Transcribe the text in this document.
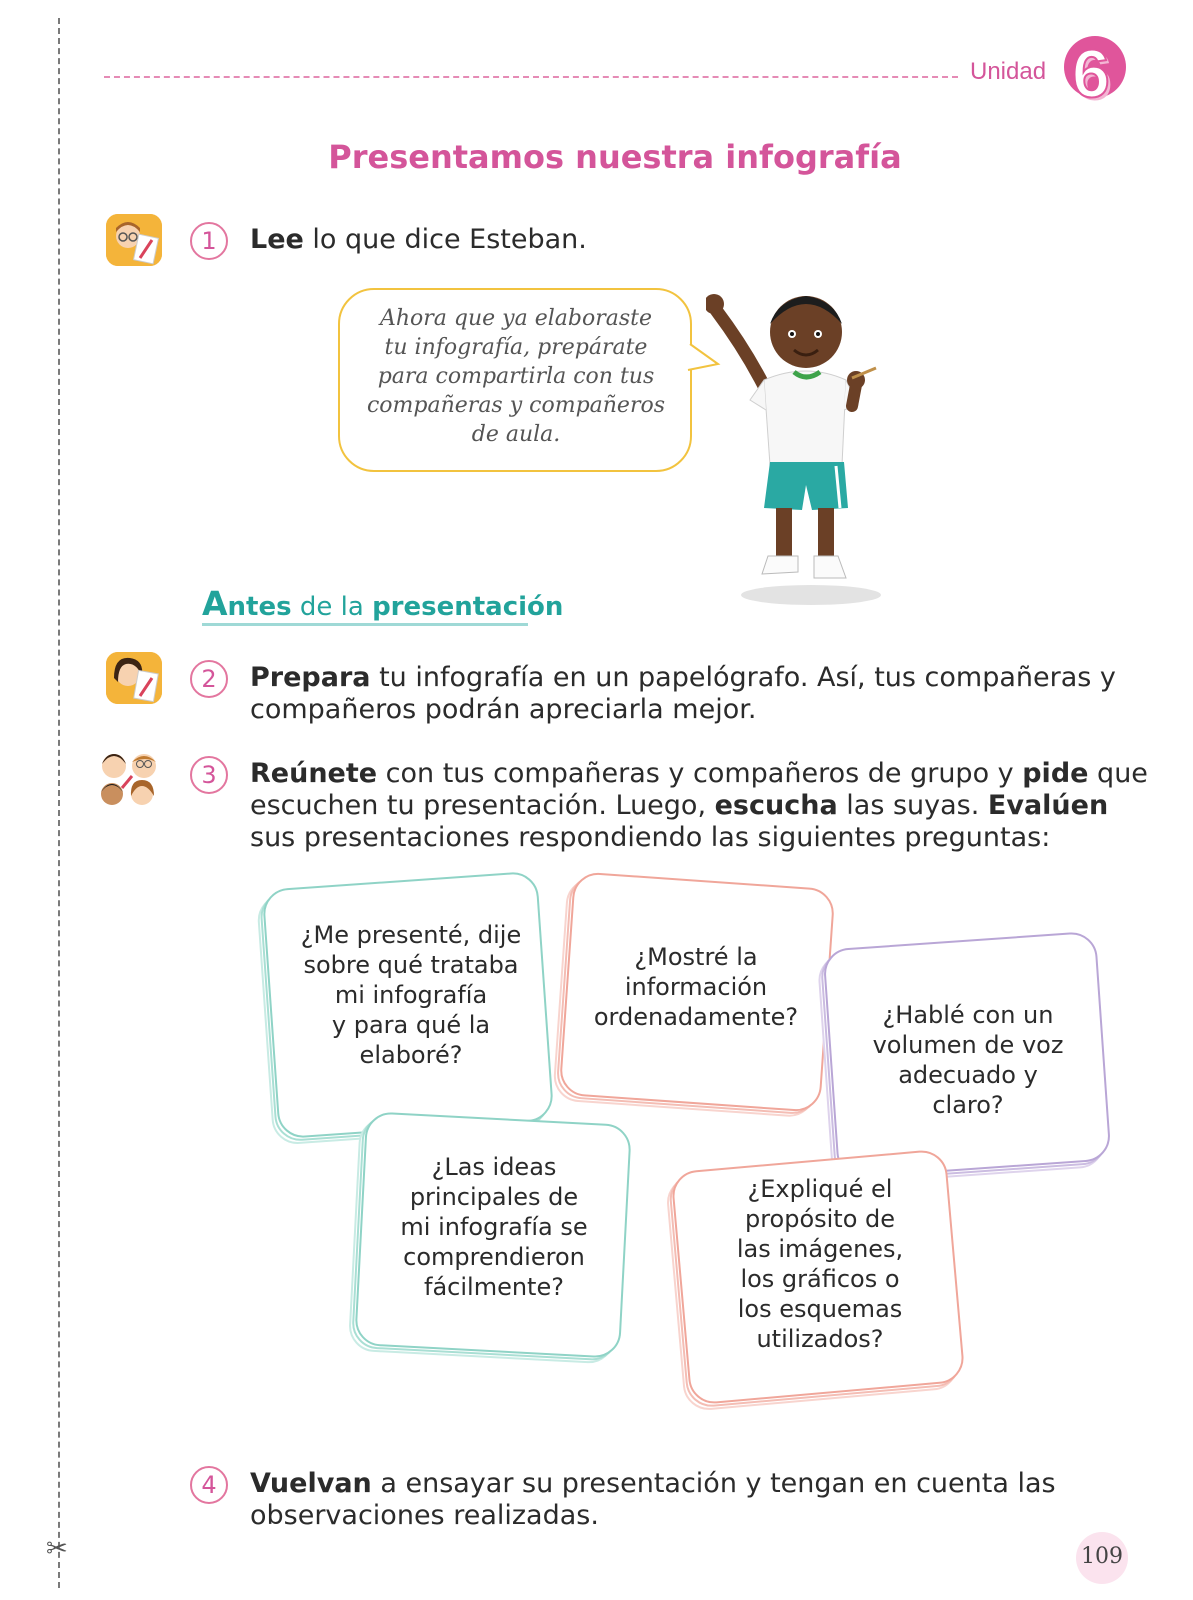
✂
Unidad 6
Presentamos nuestra infografía
1	Lee lo que dice Esteban.
Ahora que ya elaboraste
tu infografía, prepárate
para compartirla con tus
compañeras y compañeros
de aula.
Antes de la presentación
2	Prepara tu infografía en un papelógrafo. Así, tus compañeras y compañeros podrán apreciarla mejor.
3	Reúnete con tus compañeras y compañeros de grupo y pide que escuchen tu presentación. Luego, escucha las suyas. Evalúen sus presentaciones respondiendo las siguientes preguntas:
¿Me presenté, dije
sobre qué trataba
mi infografía
y para qué la
elaboré?
¿Mostré la
información
ordenadamente?	¿Hablé con un
volumen de voz
adecuado y
claro?
¿Las ideas
principales de
mi infografía se
comprendieron
fácilmente?
¿Expliqué el
propósito de
las imágenes,
los gráficos o
los esquemas
utilizados?
4	Vuelvan a ensayar su presentación y tengan en cuenta las observaciones realizadas.
109
